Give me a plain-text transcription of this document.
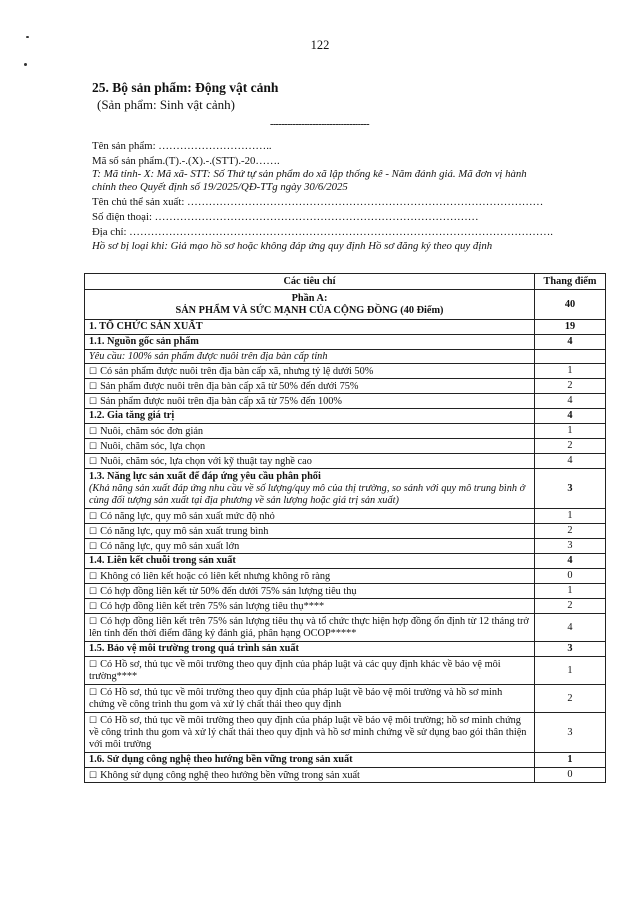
122
25. Bộ sản phẩm: Động vật cảnh
(Sản phẩm: Sinh vật cảnh)
-----------------------------------
Tên sản phẩm: …………………………..
Mã số sản phẩm.(T).-.(X).-.(STT).-20…….
T: Mã tỉnh- X: Mã xã- STT: Số Thứ tự sản phẩm do xã lập thống kê - Năm đánh giá. Mã đơn vị hành
chính theo Quyết định số 19/2025/QĐ-TTg ngày 30/6/2025
Tên chủ thể sản xuất: ………………………………………………………………………………………
Số điện thoại: ………………………………………………………………………………
Địa chỉ: ……………………………………………………………………………………………………….
Hồ sơ bị loại khi: Giả mạo hồ sơ hoặc không đáp ứng quy định Hồ sơ đăng ký theo quy định
Các tiêu chí	Thang điểm

Phần A:
SẢN PHẨM VÀ SỨC MẠNH CỦA CỘNG ĐỒNG (40 Điểm)	40
1. TỔ CHỨC SẢN XUẤT	19
1.1. Nguồn gốc sản phẩm	4
Yêu cầu: 100% sản phẩm được nuôi trên địa bàn cấp tỉnh	
☐ Có sản phẩm được nuôi trên địa bàn cấp xã, nhưng tỷ lệ dưới 50%	1
☐ Sản phẩm được nuôi trên địa bàn cấp xã từ 50% đến dưới 75%	2
☐ Sản phẩm được nuôi trên địa bàn cấp xã từ 75% đến 100%	4
1.2. Gia tăng giá trị	4
☐ Nuôi, chăm sóc đơn giản	1
☐ Nuôi, chăm sóc, lựa chọn	2
☐ Nuôi, chăm sóc, lựa chọn với kỹ thuật tay nghề cao	4

1.3. Năng lực sản xuất để đáp ứng yêu cầu phân phối
(Khả năng sản xuất đáp ứng nhu cầu về số lượng/quy mô của thị trường, so sánh với quy mô trung bình ở cùng đối tượng sản xuất tại địa phương về sản lượng hoặc giá trị sản xuất)	3
☐ Có năng lực, quy mô sản xuất mức độ nhỏ	1
☐ Có năng lực, quy mô sản xuất trung bình	2
☐ Có năng lực, quy mô sản xuất lớn	3
1.4. Liên kết chuỗi trong sản xuất	4
☐ Không có liên kết hoặc có liên kết nhưng không rõ ràng	0
☐ Có hợp đồng liên kết từ 50% đến dưới 75% sản lượng tiêu thụ	1
☐ Có hợp đồng liên kết trên 75% sản lượng tiêu thụ****	2
☐ Có hợp đồng liên kết trên 75% sản lượng tiêu thụ và tổ chức thực hiện hợp đồng ổn định từ 12 tháng trở lên tính đến thời điểm đăng ký đánh giá, phân hạng OCOP*****	4
1.5. Bảo vệ môi trường trong quá trình sản xuất	3
☐ Có Hồ sơ, thủ tục về môi trường theo quy định của pháp luật và các quy định khác về bảo vệ môi trường****	1
☐ Có Hồ sơ, thủ tục về môi trường theo quy định của pháp luật về bảo vệ môi trường và hồ sơ minh chứng về công trình thu gom và xử lý chất thải theo quy định	2
☐ Có Hồ sơ, thủ tục về môi trường theo quy định của pháp luật về bảo vệ môi trường; hồ sơ minh chứng về công trình thu gom và xử lý chất thải theo quy định và hồ sơ minh chứng về sử dụng bao gói thân thiện với môi trường	3
1.6. Sử dụng công nghệ theo hướng bền vững trong sản xuất	1
☐ Không sử dụng công nghệ theo hướng bền vững trong sản xuất	0
